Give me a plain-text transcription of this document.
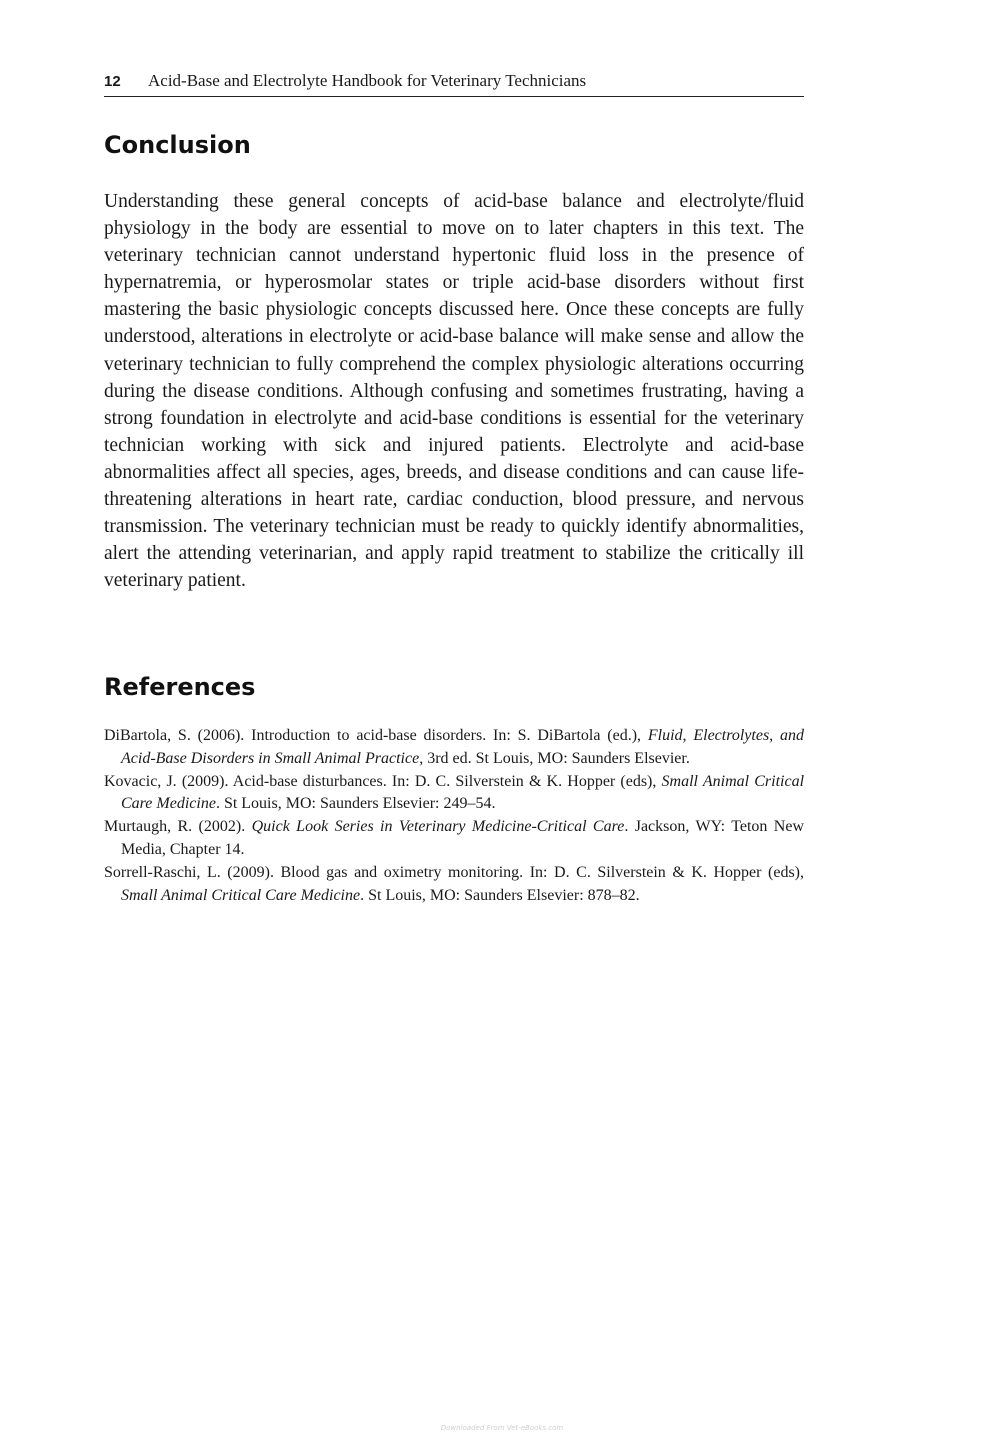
12 Acid-Base and Electrolyte Handbook for Veterinary Technicians
Conclusion

Understanding these general concepts of acid-base balance and electrolyte/fluid physiology in the body are essential to move on to later chapters in this text. The veterinary technician cannot understand hypertonic fluid loss in the presence of hypernatremia, or hyperosmolar states or triple acid-base disorders without first mastering the basic physiologic concepts discussed here. Once these concepts are fully understood, alterations in electrolyte or acid-base balance will make sense and allow the veterinary technician to fully comprehend the complex physiologic alterations occurring during the disease conditions. Although confusing and sometimes frustrating, having a strong foundation in electrolyte and acid-base conditions is essential for the veterinary technician working with sick and injured patients. Electrolyte and acid-base abnormalities affect all species, ages, breeds, and disease conditions and can cause life-threatening alterations in heart rate, cardiac conduction, blood pressure, and nervous transmission. The veterinary technician must be ready to quickly identify abnormalities, alert the attending veterinarian, and apply rapid treatment to stabilize the critically ill veterinary patient.

References
DiBartola, S. (2006). Introduction to acid-base disorders. In: S. DiBartola (ed.), Fluid, Electrolytes, and Acid-Base Disorders in Small Animal Practice, 3rd ed. St Louis, MO: Saunders Elsevier.
Kovacic, J. (2009). Acid-base disturbances. In: D. C. Silverstein & K. Hopper (eds), Small Animal Critical Care Medicine. St Louis, MO: Saunders Elsevier: 249–54.
Murtaugh, R. (2002). Quick Look Series in Veterinary Medicine-Critical Care. Jackson, WY: Teton New Media, Chapter 14.
Sorrell-Raschi, L. (2009). Blood gas and oximetry monitoring. In: D. C. Silverstein & K. Hopper (eds), Small Animal Critical Care Medicine. St Louis, MO: Saunders Elsevier: 878–82.
Downloaded From Vet-eBooks.com
